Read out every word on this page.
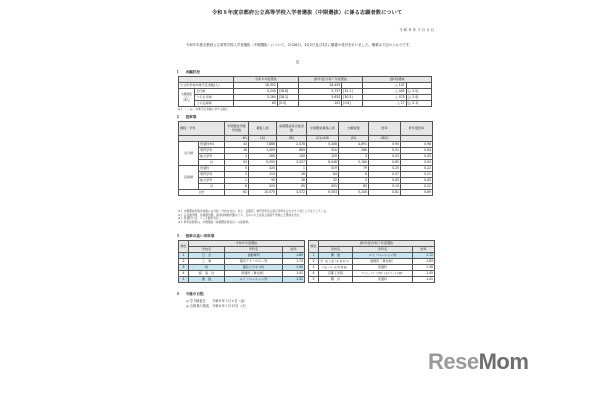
令和８年度京都府公立高等学校入学者選抜（中期選抜）に係る志願者数について
令 和 ８ 年 ３ 月 ４ 日
令和８年度京都府公立高等学校入学者選抜（中期選抜）について、2月26日、3月2日及び3日に願書の受付を行いました。概要は下記のとおりです。
記
１ 出願状況
		令和８年度選抜		(昨年度)令和７年度選抜		(参考)増減	
公立中学校卒業予定者数(人)		18,352		18,459		△ 107	
出願者数（人）［率％］	全日制	5,245	[28.6]	5,737	[31.1]	△ 492	[△ 2.5]
	うち全日制	5,160	[28.1]	5,635	[30.5]	△ 475	[△ 2.4]
	うち定時制	85	[0.5]	102	[0.6]	△ 17	[△ 0.1]
※１ ［ ］は、卒業予定者数に対する割合
２ 倍率等
課程・学科		中期選抜実施学校数	募集人員	前期選抜等合格者数	中期選抜募集人員	志願者数	倍率	昨年度倍率
		※1	(A)	(B)	(C)=A-B	(D)	(D/C)	
全日制	普通科※3	43	7,886	2,478	5,408	4,891	0.90	0.98
	専門学科	16	1,409	889	520	266	0.51	0.64
	総合学科	4	260	140	120	3	0.03	0.43
	計	53	9,555	3,507	6,048	5,160	0.85	0.94
定時制	普通科	5	320	1	319	79	0.25	0.22
	専門学科	3	110	26	84	6	0.07	0.21
	総合学科	1	90	38	52	0	0.00	0.00
	計	8	520	65	455	85	0.19	0.22
合計		61	10,075	3,572	6,503	5,245	0.81	0.89
※１ 中期選抜実施学校数には分校・分校を含む。また、京都府、専門学科及び総合学科を合わせて１校として計上している。
※２ 口丹通学圏、丹後通学圏、南丹地域通学圏のうち、定められた各府立高校で実施した選抜を含む。
※３ 普通科には、コース制を含む。
※４ 昨年度倍率は、中期選抜（前期選抜等含む）の総倍率。
３ 倍率の高い学科等
順位	令和８年度選抜		
	学校名	学科名	倍率
1	日　吉	自動車科	1.89
2	工　業	電気テクノロジー科	1.73
3	桂	園芸ビジネス科	1.50
4	綾　南　台	普通科［単位制］	1.41
5	開　建	ルミノベーション科	1.32
順位	(昨年度)令和７年度選抜		
	学校名	学科名	倍率
1	開　建	ルミノベーション科	1.72
2	清　楽 大 橋（京 都 府 立）	建築科［単位制］	1.63
3	日吉ヶ丘（前 期 選 抜）	普通科	1.58
4	京都工学院	プロジェクト工学科（まちづくり分野）	1.45
5	鴨　沂	普通科	1.41
４ 今後の日程
◎ 学力検査日　　令和８年３月６日（金）
◎ 合格者の発表　令和８年３月17日（火）
ReseMom
